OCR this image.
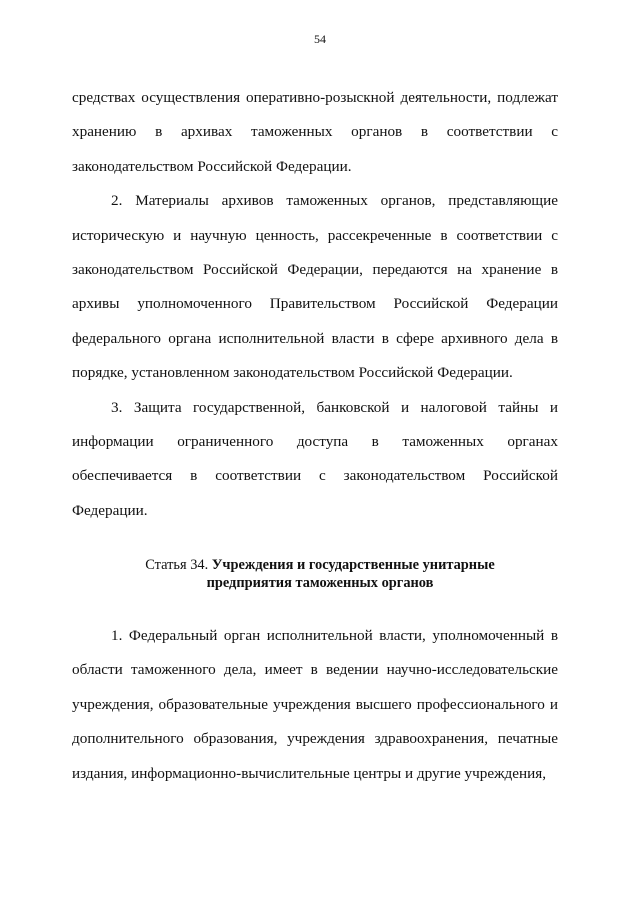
54

средствах осуществления оперативно-розыскной деятельности, подлежат хранению в архивах таможенных органов в соответствии с законодательством Российской Федерации.

2. Материалы архивов таможенных органов, представляющие историческую и научную ценность, рассекреченные в соответствии с законодательством Российской Федерации, передаются на хранение в архивы уполномоченного Правительством Российской Федерации федерального органа исполнительной власти в сфере архивного дела в порядке, установленном законодательством Российской Федерации.

3. Защита государственной, банковской и налоговой тайны и информации ограниченного доступа в таможенных органах обеспечивается в соответствии с законодательством Российской Федерации.

Статья 34. Учреждения и государственные унитарные
предприятия таможенных органов

1. Федеральный орган исполнительной власти, уполномоченный в области таможенного дела, имеет в ведении научно-исследовательские учреждения, образовательные учреждения высшего профессионального и дополнительного образования, учреждения здравоохранения, печатные издания, информационно-вычислительные центры и другие учреждения,
